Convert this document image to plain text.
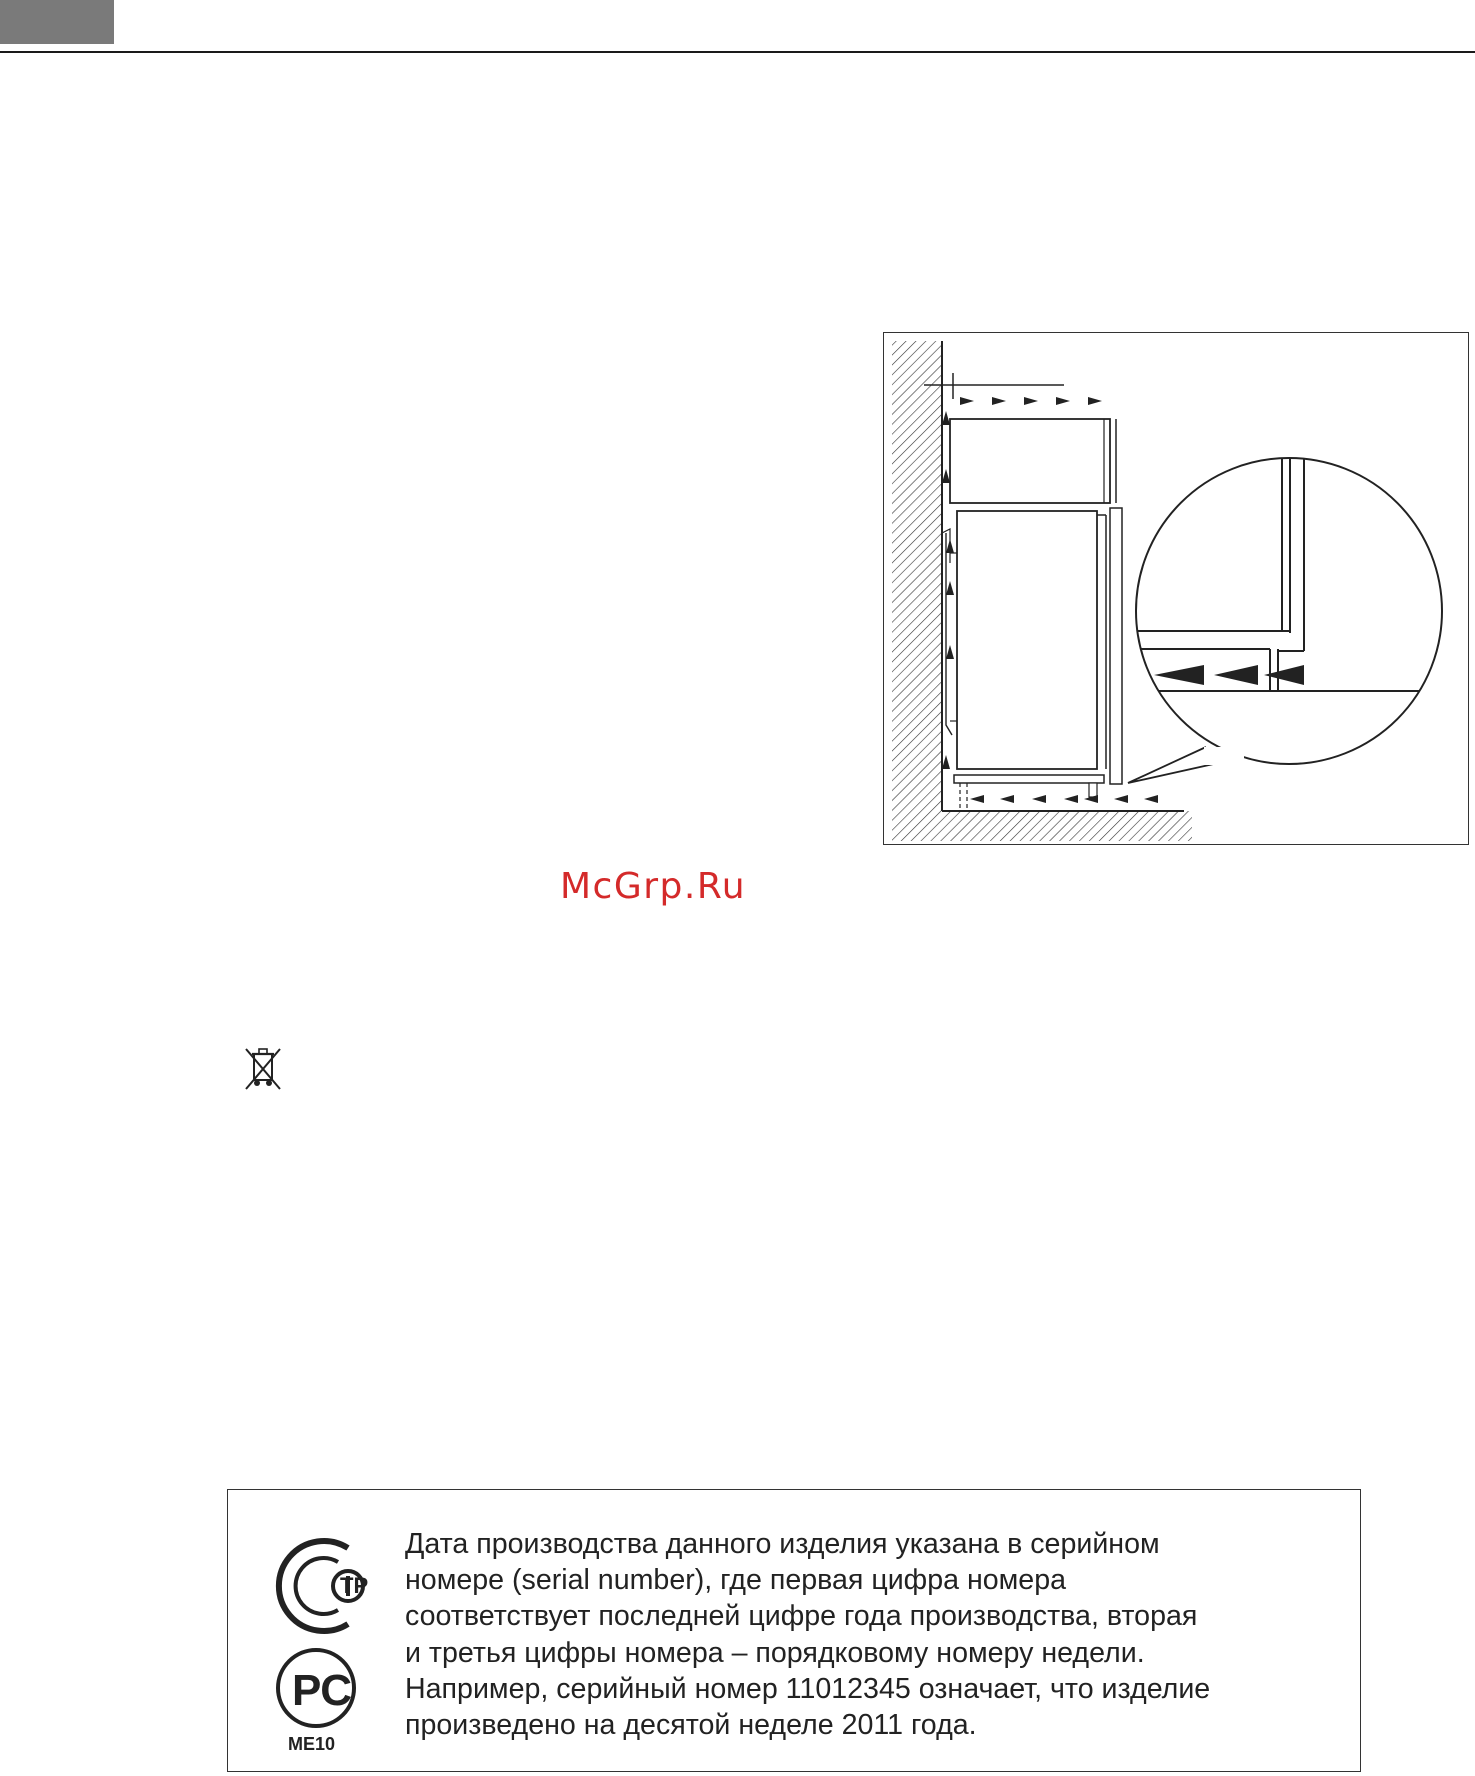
McGrp.Ru
ТР
РС
ME10
Дата производства данного изделия указана в серийном
номере (serial number), где первая цифра номера
соответствует последней цифре года производства, вторая
и третья цифры номера – порядковому номеру недели.
Например, серийный номер 11012345 означает, что изделие
произведено на десятой неделе 2011 года.
